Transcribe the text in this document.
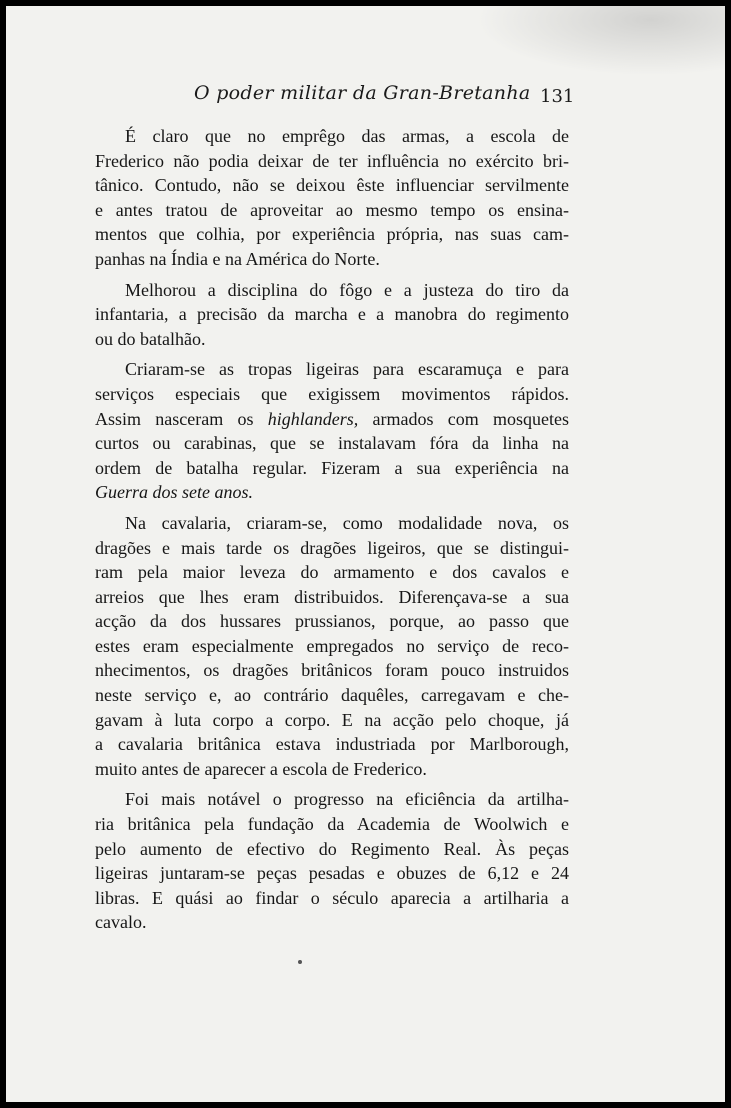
O poder militar da Gran-Bretanha 131

É claro que no emprêgo das armas, a escola de
Frederico não podia deixar de ter influência no exército bri-
tânico. Contudo, não se deixou êste influenciar servilmente
e antes tratou de aproveitar ao mesmo tempo os ensina-
mentos que colhia, por experiência própria, nas suas cam-
panhas na Índia e na América do Norte.

Melhorou a disciplina do fôgo e a justeza do tiro da
infantaria, a precisão da marcha e a manobra do regimento
ou do batalhão.

Criaram-se as tropas ligeiras para escaramuça e para
serviços especiais que exigissem movimentos rápidos.
Assim nasceram os highlanders, armados com mosquetes
curtos ou carabinas, que se instalavam fóra da linha na
ordem de batalha regular. Fizeram a sua experiência na
Guerra dos sete anos.

Na cavalaria, criaram-se, como modalidade nova, os
dragões e mais tarde os dragões ligeiros, que se distingui-
ram pela maior leveza do armamento e dos cavalos e
arreios que lhes eram distribuidos. Diferençava-se a sua
acção da dos hussares prussianos, porque, ao passo que
estes eram especialmente empregados no serviço de reco-
nhecimentos, os dragões britânicos foram pouco instruidos
neste serviço e, ao contrário daquêles, carregavam e che-
gavam à luta corpo a corpo. E na acção pelo choque, já
a cavalaria britânica estava industriada por Marlborough,
muito antes de aparecer a escola de Frederico.

Foi mais notável o progresso na eficiência da artilha-
ria britânica pela fundação da Academia de Woolwich e
pelo aumento de efectivo do Regimento Real. Às peças
ligeiras juntaram-se peças pesadas e obuzes de 6,12 e 24
libras. E quási ao findar o século aparecia a artilharia a
cavalo.
